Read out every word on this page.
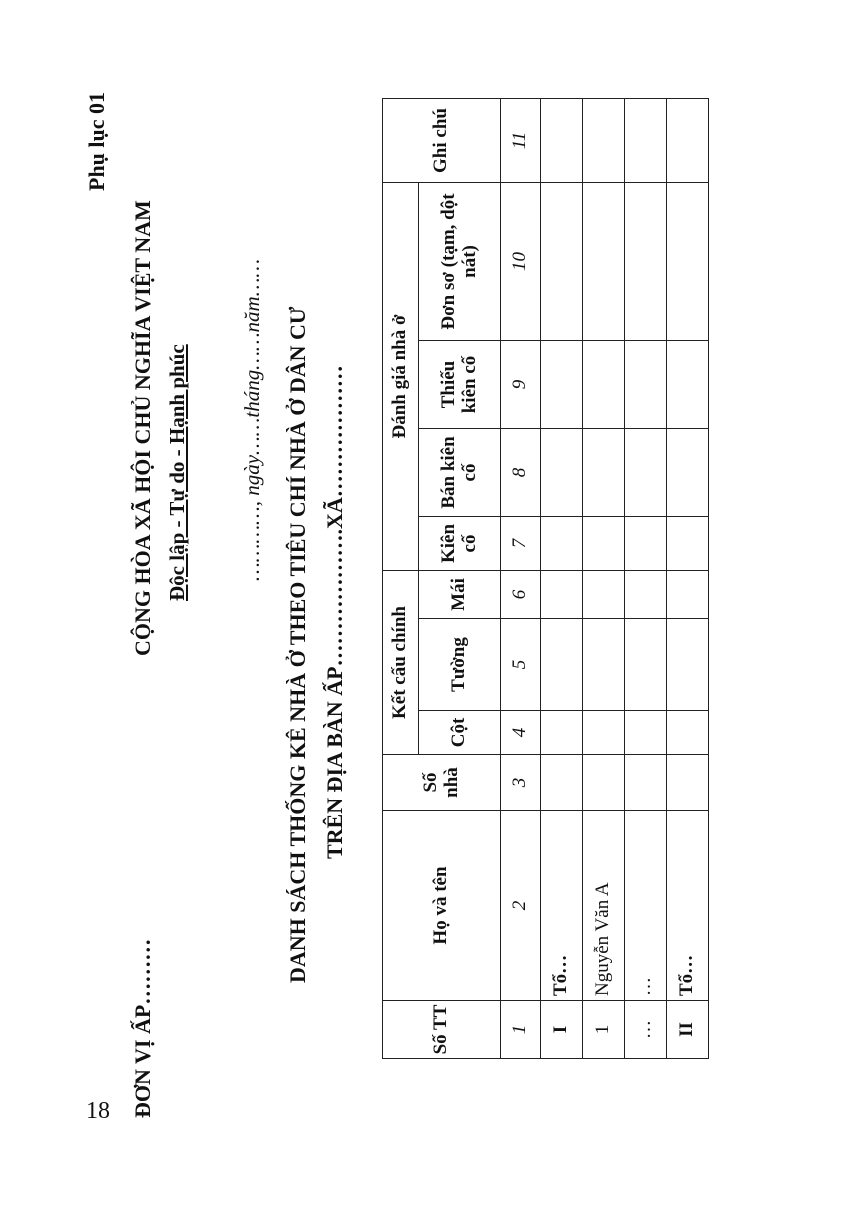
18
Phụ lục 01
ĐƠN VỊ ẤP………
CỘNG HÒA XÃ HỘI CHỦ NGHĨA VIỆT NAM Độc lập - Tự do - Hạnh phúc …………, ngày……tháng……năm…… DANH SÁCH THỐNG KÊ NHÀ Ở THEO TIÊU CHÍ NHÀ Ở DÂN CƯ TRÊN ĐỊA BÀN ẤP……………….XÃ………………
Số TT	Họ và tên	Số nhà	Kết cấu chính			Đánh giá nhà ở				Ghi chú
			Cột	Tường	Mái	Kiên cố	Bán kiên cố	Thiếu kiên cố	Đơn sơ (tạm, dột nát)	
1	2	3	4	5	6	7	8	9	10	11
I	Tổ…									
1	Nguyễn Văn A									
…	…									
II	Tổ…									
